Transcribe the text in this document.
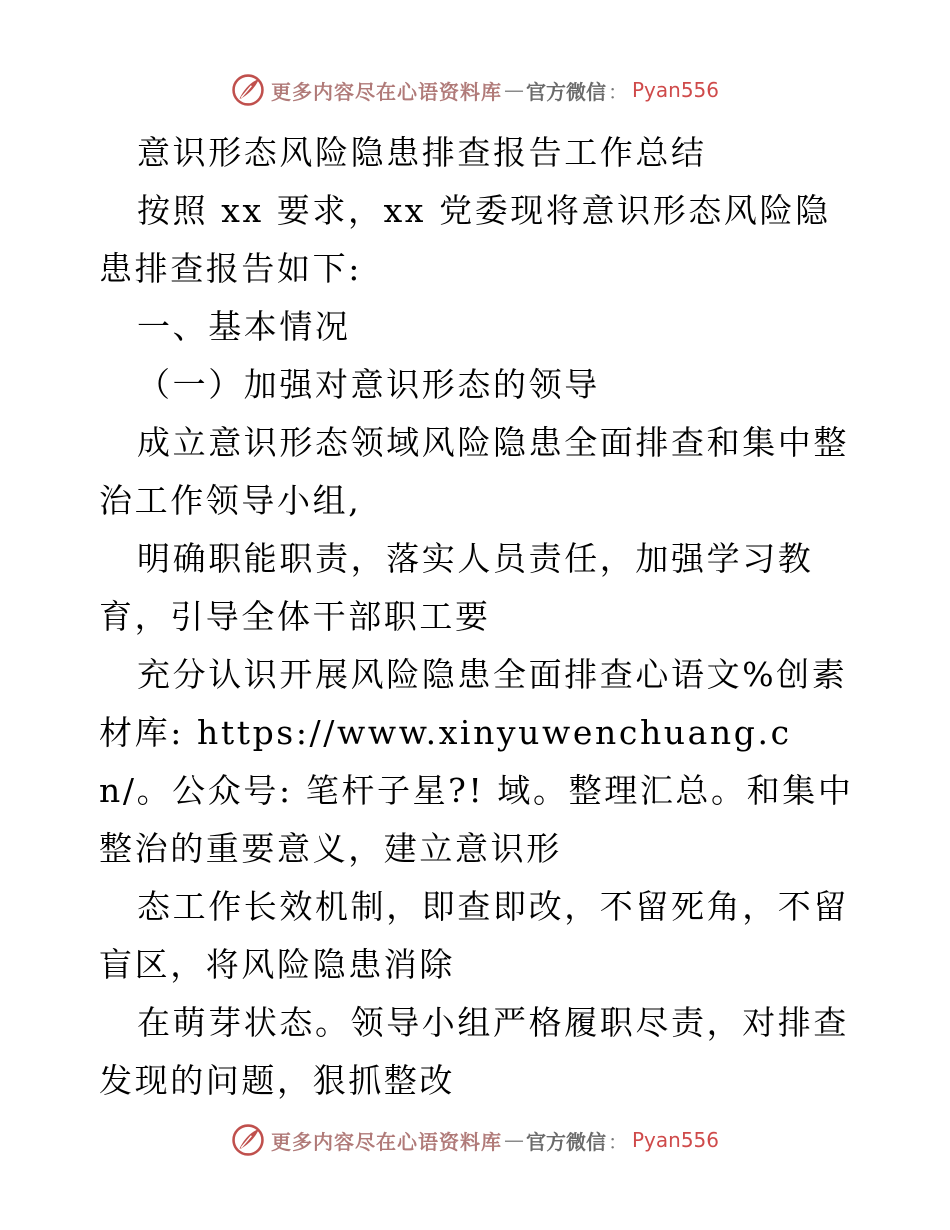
更多内容尽在心语资料库 — 官方微信 ： Pyan556

意识形态风险隐患排查报告工作总结

按照 xx 要求，xx 党委现将意识形态风险隐患排查报告如下:

一、基本情况

（一）加强对意识形态的领导

成立意识形态领域风险隐患全面排查和集中整治工作领导小组,

明确职能职责，落实人员责任，加强学习教育，引导全体干部职工要

充分认识开展风险隐患全面排查心语文%创素材库: https://www.xinyuwenchuang.cn/。公众号: 笔杆子星?! 域。整理汇总。和集中整治的重要意义，建立意识形

态工作长效机制，即查即改，不留死角，不留盲区，将风险隐患消除

在萌芽状态。领导小组严格履职尽责，对排查发现的问题，狠抓整改

更多内容尽在心语资料库 — 官方微信 ： Pyan556
